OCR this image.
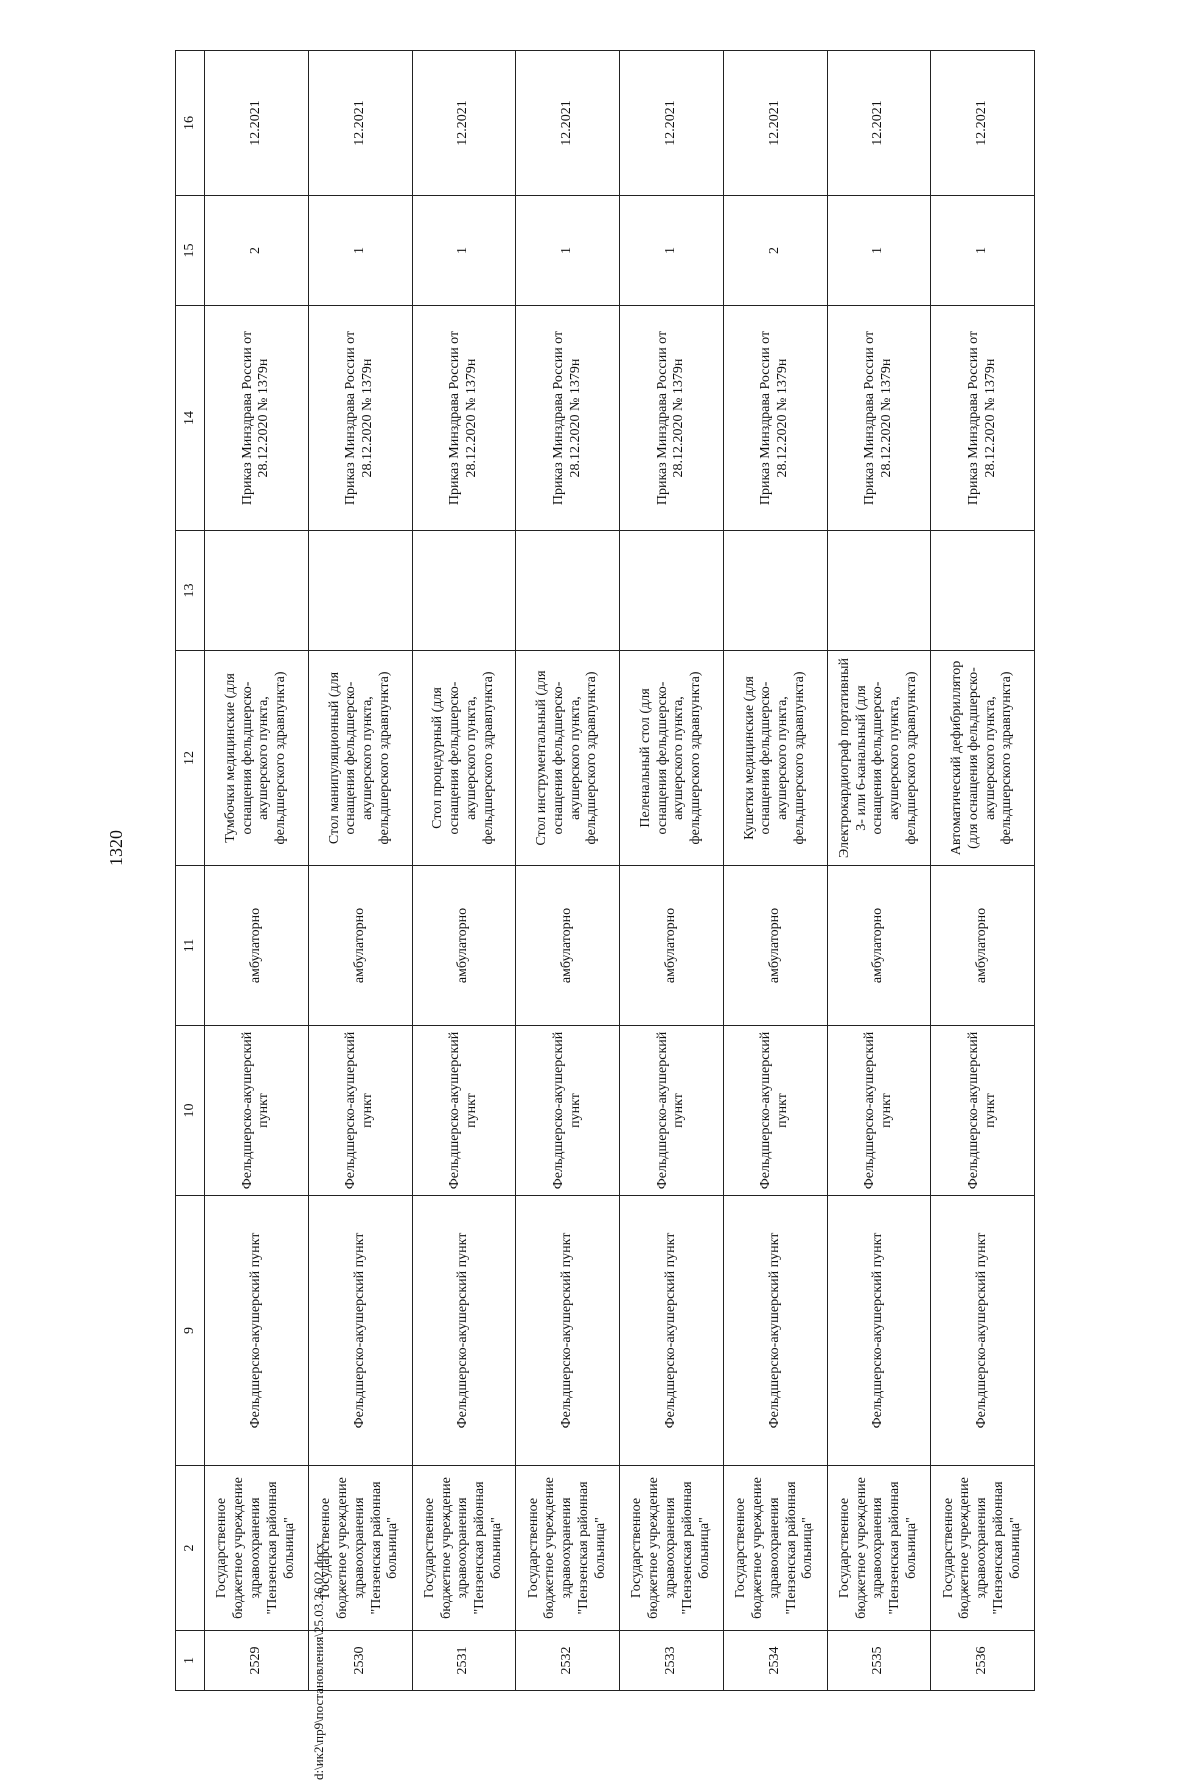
1320
1	2	9	10	11	12	13	14	15	16
2529	Государственное бюджетное учреждение здравоохранения "Пензенская районная больница"	Фельдшерско-акушерский пункт	Фельдшерско-акушерский пункт	амбулаторно	Тумбочки медицинские (для оснащения фельдшерско-акушерского пункта, фельдшерского здравпункта)		Приказ Минздрава России от 28.12.2020 № 1379н	2	12.2021
2530	Государственное бюджетное учреждение здравоохранения "Пензенская районная больница"	Фельдшерско-акушерский пункт	Фельдшерско-акушерский пункт	амбулаторно	Стол манипуляционный (для оснащения фельдшерско-акушерского пункта, фельдшерского здравпункта)		Приказ Минздрава России от 28.12.2020 № 1379н	1	12.2021
2531	Государственное бюджетное учреждение здравоохранения "Пензенская районная больница"	Фельдшерско-акушерский пункт	Фельдшерско-акушерский пункт	амбулаторно	Стол процедурный (для оснащения фельдшерско-акушерского пункта, фельдшерского здравпункта)		Приказ Минздрава России от 28.12.2020 № 1379н	1	12.2021
2532	Государственное бюджетное учреждение здравоохранения "Пензенская районная больница"	Фельдшерско-акушерский пункт	Фельдшерско-акушерский пункт	амбулаторно	Стол инструментальный (для оснащения фельдшерско-акушерского пункта, фельдшерского здравпункта)		Приказ Минздрава России от 28.12.2020 № 1379н	1	12.2021
2533	Государственное бюджетное учреждение здравоохранения "Пензенская районная больница"	Фельдшерско-акушерский пункт	Фельдшерско-акушерский пункт	амбулаторно	Пеленальный стол (для оснащения фельдшерско-акушерского пункта, фельдшерского здравпункта)		Приказ Минздрава России от 28.12.2020 № 1379н	1	12.2021
2534	Государственное бюджетное учреждение здравоохранения "Пензенская районная больница"	Фельдшерско-акушерский пункт	Фельдшерско-акушерский пункт	амбулаторно	Кушетки медицинские (для оснащения фельдшерско-акушерского пункта, фельдшерского здравпункта)		Приказ Минздрава России от 28.12.2020 № 1379н	2	12.2021
2535	Государственное бюджетное учреждение здравоохранения "Пензенская районная больница"	Фельдшерско-акушерский пункт	Фельдшерско-акушерский пункт	амбулаторно	Электрокардиограф портативный 3- или 6-канальный (для оснащения фельдшерско-акушерского пункта, фельдшерского здравпункта)		Приказ Минздрава России от 28.12.2020 № 1379н	1	12.2021
2536	Государственное бюджетное учреждение здравоохранения "Пензенская районная больница"	Фельдшерско-акушерский пункт	Фельдшерско-акушерский пункт	амбулаторно	Автоматический дефибриллятор (для оснащения фельдшерско-акушерского пункта, фельдшерского здравпункта)		Приказ Минздрава России от 28.12.2020 № 1379н	1	12.2021
d:\ик2\пр9\постановления\25.03.26.02.docx
